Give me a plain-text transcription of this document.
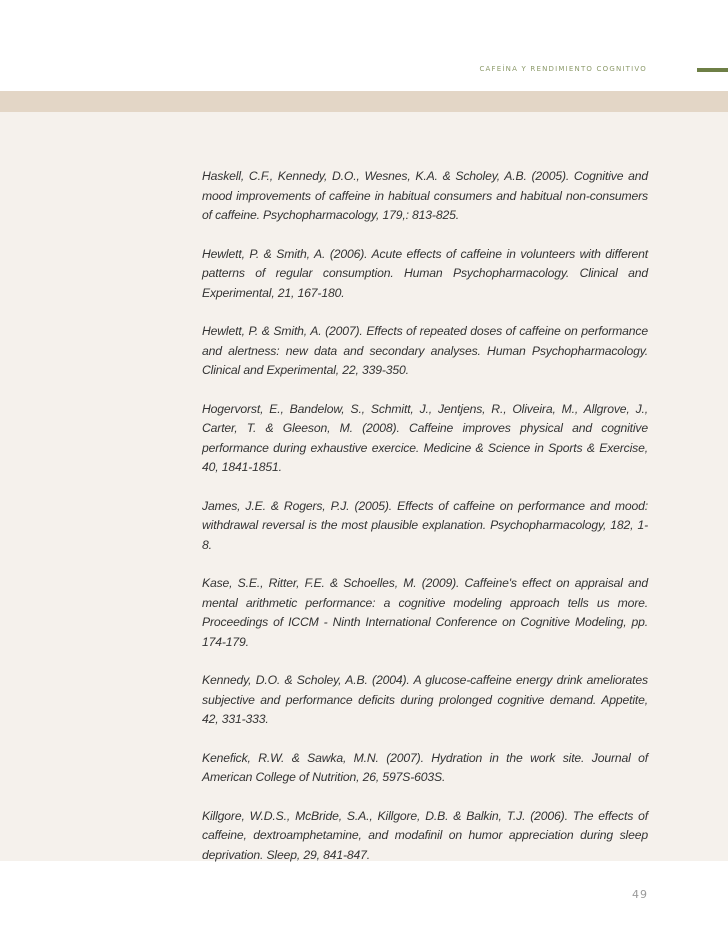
CAFEÍNA Y RENDIMIENTO COGNITIVO
Haskell, C.F., Kennedy, D.O., Wesnes, K.A. & Scholey, A.B. (2005). Cognitive and mood improvements of caffeine in habitual consumers and habitual non-consumers of caffeine. Psychopharmacology, 179,: 813-825.
Hewlett, P. & Smith, A. (2006). Acute effects of caffeine in volunteers with different patterns of regular consumption. Human Psychopharmacology. Clinical and Experimental, 21, 167-180.
Hewlett, P. & Smith, A. (2007). Effects of repeated doses of caffeine on performance and alertness: new data and secondary analyses. Human Psychopharmacology. Clinical and Experimental, 22, 339-350.
Hogervorst, E., Bandelow, S., Schmitt, J., Jentjens, R., Oliveira, M., Allgrove, J., Carter, T. & Gleeson, M. (2008). Caffeine improves physical and cognitive performance during exhaustive exercice. Medicine & Science in Sports & Exercise, 40, 1841-1851.
James, J.E. & Rogers, P.J. (2005). Effects of caffeine on performance and mood: withdrawal reversal is the most plausible explanation. Psychopharmacology, 182, 1-8.
Kase, S.E., Ritter, F.E. & Schoelles, M. (2009). Caffeine's effect on appraisal and mental arithmetic performance: a cognitive modeling approach tells us more. Proceedings of ICCM - Ninth International Conference on Cognitive Modeling, pp. 174-179.
Kennedy, D.O. & Scholey, A.B. (2004). A glucose-caffeine energy drink ameliorates subjective and performance deficits during prolonged cognitive demand. Appetite, 42, 331-333.
Kenefick, R.W. & Sawka, M.N. (2007). Hydration in the work site. Journal of American College of Nutrition, 26, 597S-603S.
Killgore, W.D.S., McBride, S.A., Killgore, D.B. & Balkin, T.J. (2006). The effects of caffeine, dextroamphetamine, and modafinil on humor appreciation during sleep deprivation. Sleep, 29, 841-847.
49
